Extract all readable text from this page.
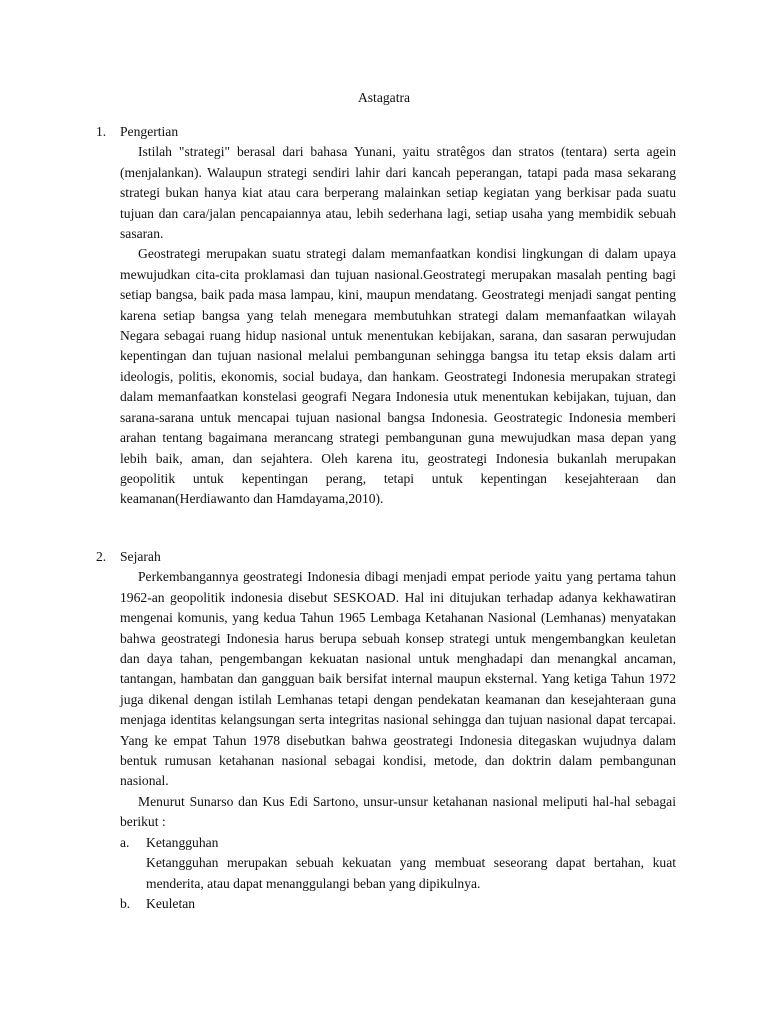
Astagatra
1.	Pengertian

Istilah "strategi" berasal dari bahasa Yunani, yaitu stratêgos dan stratos (tentara) serta agein (menjalankan). Walaupun strategi sendiri lahir dari kancah peperangan, tatapi pada masa sekarang strategi bukan hanya kiat atau cara berperang malainkan setiap kegiatan yang berkisar pada suatu tujuan dan cara/jalan pencapaiannya atau, lebih sederhana lagi, setiap usaha yang membidik sebuah sasaran.

Geostrategi merupakan suatu strategi dalam memanfaatkan kondisi lingkungan di dalam upaya mewujudkan cita-cita proklamasi dan tujuan nasional.Geostrategi merupakan masalah penting bagi setiap bangsa, baik pada masa lampau, kini, maupun mendatang. Geostrategi menjadi sangat penting karena setiap bangsa yang telah menegara membutuhkan strategi dalam memanfaatkan wilayah Negara sebagai ruang hidup nasional untuk menentukan kebijakan, sarana, dan sasaran perwujudan kepentingan dan tujuan nasional melalui pembangunan sehingga bangsa itu tetap eksis dalam arti ideologis, politis, ekonomis, social budaya, dan hankam. Geostrategi Indonesia merupakan strategi dalam memanfaatkan konstelasi geografi Negara Indonesia utuk menentukan kebijakan, tujuan, dan sarana-sarana untuk mencapai tujuan nasional bangsa Indonesia. Geostrategic Indonesia memberi arahan tentang bagaimana merancang strategi pembangunan guna mewujudkan masa depan yang lebih baik, aman, dan sejahtera. Oleh karena itu, geostrategi Indonesia bukanlah merupakan geopolitik untuk kepentingan perang, tetapi untuk kepentingan kesejahteraan dan keamanan(Herdiawanto dan Hamdayama,2010).

2.	Sejarah

Perkembangannya geostrategi Indonesia dibagi menjadi empat periode yaitu yang pertama tahun 1962-an geopolitik indonesia disebut SESKOAD. Hal ini ditujukan terhadap adanya kekhawatiran mengenai komunis, yang kedua Tahun 1965 Lembaga Ketahanan Nasional (Lemhanas) menyatakan bahwa geostrategi Indonesia harus berupa sebuah konsep strategi untuk mengembangkan keuletan dan daya tahan, pengembangan kekuatan nasional untuk menghadapi dan menangkal ancaman, tantangan, hambatan dan gangguan baik bersifat internal maupun eksternal. Yang ketiga Tahun 1972 juga dikenal dengan istilah Lemhanas tetapi dengan pendekatan keamanan dan kesejahteraan guna menjaga identitas kelangsungan serta integritas nasional sehingga dan tujuan nasional dapat tercapai. Yang ke empat Tahun 1978 disebutkan bahwa geostrategi Indonesia ditegaskan wujudnya dalam bentuk rumusan ketahanan nasional sebagai kondisi, metode, dan doktrin dalam pembangunan nasional.

Menurut Sunarso dan Kus Edi Sartono, unsur-unsur ketahanan nasional meliputi hal-hal sebagai berikut :

a.	Ketangguhan

Ketangguhan merupakan sebuah kekuatan yang membuat seseorang dapat bertahan, kuat menderita, atau dapat menanggulangi beban yang dipikulnya.

b.	Keuletan
